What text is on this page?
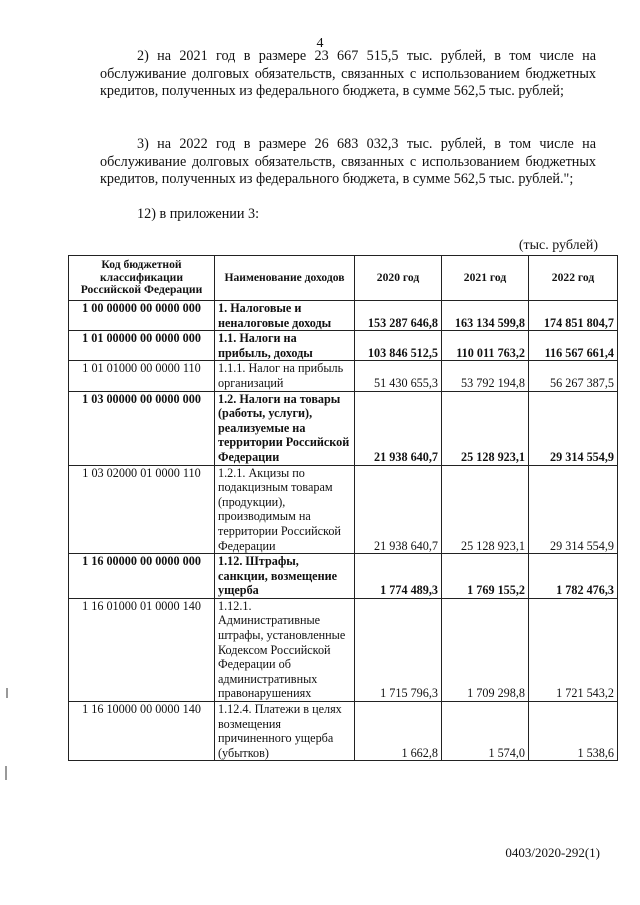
4

2) на 2021 год в размере 23 667 515,5 тыс. рублей, в том числе на обслуживание долговых обязательств, связанных с использованием бюджетных кредитов, полученных из федерального бюджета, в сумме 562,5 тыс. рублей;

3) на 2022 год в размере 26 683 032,3 тыс. рублей, в том числе на обслуживание долговых обязательств, связанных с использованием бюджетных кредитов, полученных из федерального бюджета, в сумме 562,5 тыс. рублей.";

12) в приложении 3:

(тыс. рублей)
Код бюджетной классификации Российской Федерации	Наименование доходов	2020 год	2021 год	2022 год
1 00 00000 00 0000 000	1. Налоговые и неналоговые доходы	153 287 646,8	163 134 599,8	174 851 804,7
1 01 00000 00 0000 000	1.1. Налоги на прибыль, доходы	103 846 512,5	110 011 763,2	116 567 661,4
1 01 01000 00 0000 110	1.1.1. Налог на прибыль организаций	51 430 655,3	53 792 194,8	56 267 387,5
1 03 00000 00 0000 000	1.2. Налоги на товары (работы, услуги), реализуемые на территории Российской Федерации	21 938 640,7	25 128 923,1	29 314 554,9
1 03 02000 01 0000 110	1.2.1. Акцизы по подакцизным товарам (продукции), производимым на территории Российской Федерации	21 938 640,7	25 128 923,1	29 314 554,9
1 16 00000 00 0000 000	1.12. Штрафы, санкции, возмещение ущерба	1 774 489,3	1 769 155,2	1 782 476,3
1 16 01000 01 0000 140	1.12.1. Административные штрафы, установленные Кодексом Российской Федерации об административных правонарушениях	1 715 796,3	1 709 298,8	1 721 543,2
1 16 10000 00 0000 140	1.12.4. Платежи в целях возмещения причиненного ущерба (убытков)	1 662,8	1 574,0	1 538,6
0403/2020-292(1)
